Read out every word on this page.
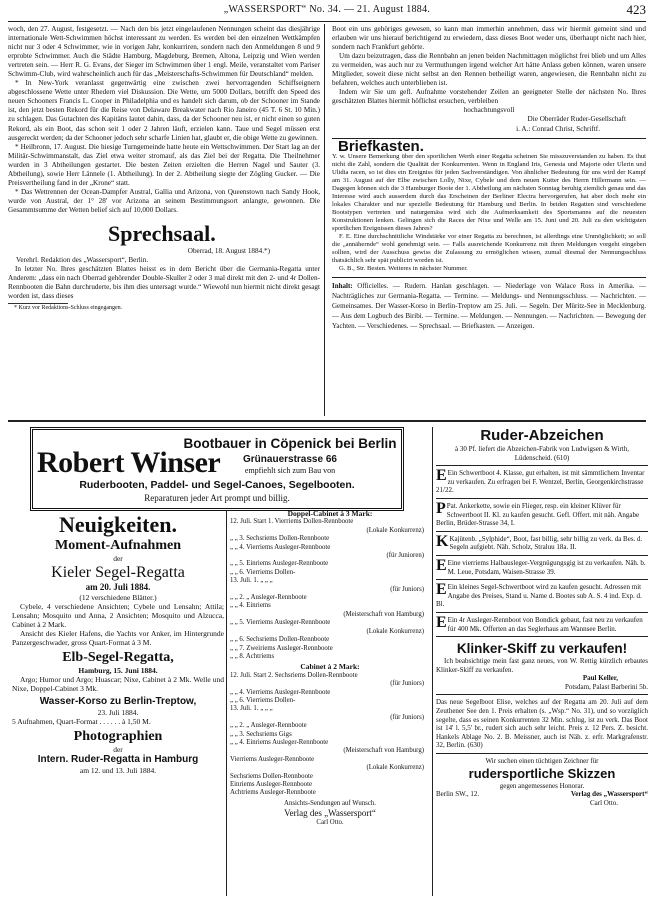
„WASSERSPORT“ No. 34. — 21. August 1884.	423

woch, den 27. August, festgesetzt. — Nach den bis jetzt eingelaufenen Nennungen scheint das diesjährige internationale Wett-Schwimmen höchst interessant zu werden. Es werden bei den einzelnen Wettkämpfen nicht nur 3 oder 4 Schwimmer, wie in vorigen Jahr, konkurriren, sondern nach den Anmeldungen 8 und 9 erprobte Schwimmer. Auch die Städte Hamburg, Magdeburg, Bremen, Altona, Leipzig und Wien werden vertreten sein. — Herr R. G. Evans, der Sieger im Schwimmen über 1 engl. Meile, veranstaltet vom Pariser Schwimm-Club, wird wahrscheinlich auch für das „Meisterschafts-Schwimmen für Deutschland“ melden.

* In New-York veranlasst gegenwärtig eine zwischen zwei hervorragenden Schiffseignern abgeschlossene Wette unter Rhedern viel Diskussion. Die Wette, um 5000 Dollars, betrifft den Speed des neuen Schooners Francis L. Cooper in Philadelphia und es handelt sich darum, ob der Schooner im Stande ist, den jetzt besten Rekord für die Reise von Delaware Breakwater nach Rio Janeiro (45 T. 6 St. 10 Min.) zu schlagen. Das Gutachten des Kapitäns lautet dahin, dass, da der Schooner neu ist, er nicht einen so guten Rekord, als ein Boot, das schon seit 1 oder 2 Jahren läuft, erzielen kann. Taue und Segel müssen erst ausgereckt werden; da der Schooner jedoch sehr scharfe Linien hat, glaubt er, die obige Wette zu gewinnen.

* Heilbronn, 17. August. Die hiesige Turngemeinde hatte heute ein Wettschwimmen. Der Start lag an der Militär-Schwimmanstalt, das Ziel etwa weiter stromauf, als das Ziel bei der Regatta. Die Theilnehmer wurden in 3 Abtheilungen gestartet. Die besten Zeiten erzielten die Herren Nagel und Sauter (3. Abtheilung), sowie Herr Lännele (1. Abtheilung). In der 2. Abtheilung siegte der Zögling Gucker. — Die Preisvertheilung fand in der „Krone“ statt.

* Das Wettrennen der Ocean-Dampfer Austral, Gallia und Arizona, von Queenstown nach Sandy Hook, wurde von Austral, der 1° 28' vor Arizona an seinem Bestimmungsort anlangte, gewonnen. Die Gesammtsumme der Wetten belief sich auf 10,000 Dollars.

Sprechsaal.
Oberrad, 18. August 1884.*)
Verehrl. Redaktion des „Wassersport“, Berlin.

In letzter No. Ihres geschätzten Blattes heisst es in dem Bericht über die Germania-Regatta unter Anderem: „dass ein nach Oberrad gehörender Double-Skuller 2 oder 3 mal direkt mit den 2- und 4r Dollen-Rennbooten die Bahn durchruderte, bis ihm dies untersagt wurde.“ Wiewohl nun hiermit nicht direkt gesagt worden ist, dass dieses

* Kurz vor Redaktions-Schluss eingegangen.

Boot ein uns gehöriges gewesen, so kann man immerhin annehmen, dass wir hiermit gemeint sind und erlauben wir uns hierauf berichtigend zu erwiedern, dass dieses Boot weder uns, überhaupt nicht nach hier, sondern nach Frankfurt gehörte.

Um dazu beizutragen, dass die Rennbahn an jenen beiden Nachmittagen möglichst frei blieb und um Alles zu vermeiden, was auch nur zu Vermuthungen irgend welcher Art hätte Anlass geben können, waren unsere Mitglieder, soweit diese nicht selbst an den Rennen betheiligt waren, angewiesen, die Rennbahn nicht zu befahren, welches auch unterblieben ist.

Indem wir Sie um gefl. Aufnahme vorstehender Zeilen an geeigneter Stelle der nächsten No. Ihres geschätzten Blattes hiermit höflichst ersuchen, verbleiben

hochachtungsvoll
Die Oberräder Ruder-Gesellschaft
i. A.: Conrad Christ, Schriftf.
Briefkasten.
Y. w. Unsere Bemerkung über den sportlichen Werth einer Regatta scheinen Sie misszuverstanden zu haben. Es thut nicht die Zahl, sondern die Qualität der Konkurrenten. Wenn in England Iris, Genesta und Majorie oder Ulerin und Ulidia racen, so ist dies ein Ereigniss für jeden Sachverständigen. Von ähnlicher Bedeutung für uns wird der Kampf am 31. August auf der Elbe zwischen Lolly, Nixe, Cybele und dem neuen Kutter des Herrn Hillermann sein. — Dagegen können sich die 3 Hamburger Boote der 1. Abtheilung am nächsten Sonntag beruhig ziemlich genau und das Interesse wird auch ausserdem durch das Erscheinen der Berliner Electra hervorgerufen, hat aber doch mehr ein lokales Charakter und nur spezielle Bedeutung für Hamburg und Berlin. In beiden Regatten sind verschiedene Bootstypen vertreten und naturgemäss wird sich die Aufmerksamkeit des Sportsmanns auf die neuesten Konstruktionen lenken. Gelingen sich die Races der Nixe und Welle am 15. Juni und 20. Juli zu den wichtigsten sportlichen Ereignissen dieses Jahres?
F. E. Eine durchschnittliche Windstärke vor einer Regatta zu berechnen, ist allerdings eine Unmöglichkeit; so soll die „annähernde“ wohl genehmigt sein. — Falls ausreichende Konkurrenz mit ihren Meldungen vorgeht eingeben sollten, wird der Ausschuss gewiss die Zulassung zu ermöglichen wissen, zumal diesmal der Nennungsschluss thatsächlich sehr spät publicirt worden ist.
G. B., Str. Besten. Weiteres in nächster Nummer.
Inhalt: Officielles. — Rudern. Hanlan geschlagen. — Niederlage von Walace Ross in Amerika. — Nachträgliches zur Germania-Regatta. — Termine. — Meldungs- und Nennungsschluss. — Nachrichten. — Gemeinsames. Der Wasser-Korso in Berlin-Treptow am 25. Juli. — Segeln. Der Müritz-See in Mecklenburg. — Aus dem Logbuch des Biribi. — Termine. — Meldungen. — Nennungen. — Nachrichten. — Bewegung der Yachten. — Verschiedenes. — Sprechsaal. — Briefkasten. — Anzeigen.
Robert Winser
Bootbauer in Cöpenick bei Berlin
Grünauerstrasse 66
empfiehlt sich zum Bau von
Ruderbooten, Paddel- und Segel-Canoes, Segelbooten.
Reparaturen jeder Art prompt und billig.
Neuigkeiten.
Moment-Aufnahmen
der
Kieler Segel-Regatta
am 20. Juli 1884.
(12 verschiedene Blätter.)
Cybele, 4 verschiedene Ansichten; Cybele und Lensahn; Attila; Lensahn; Mosquito und Anna, 2 Ansichten; Mosquito und Alzucca, Cabinet à 2 Mark.
Ansicht des Kieler Hafens, die Yachts vor Anker, im Hintergrunde Panzergeschwader, gross Quart-Format à 3 M.
Elb-Segel-Regatta,
Hamburg, 15. Juni 1884.
Argo; Humor und Argo; Huascar; Nixe, Cabinet à 2 Mk. Welle und Nixe, Doppel-Cabinet 3 Mk.
Wasser-Korso zu Berlin-Treptow,
23. Juli 1884.
5 Aufnahmen, Quart-Format . . . . . . à 1,50 M.
Photographien
der
Intern. Ruder-Regatta in Hamburg
am 12. und 13. Juli 1884.
Doppel-Cabinet à 3 Mark:
12. Juli. Start 1. Vierriems Dollen-Rennboote
(Lokale Konkurrenz)
„ „ 3. Sechsriems Dollen-Rennboote
„ „ 4. Vierriems Ausleger-Rennboote
(für Junioren)
„ „ 5. Einriems Ausleger-Rennboote
„ „ 6. Vierriems Dollen-
13. Juli. 1. „ „ „
(für Juniors)
„ „ 2. „ Ausleger-Rennboote
„ „ 4. Einriems
(Meisterschaft von Hamburg)
„ „ 5. Vierriems Ausleger-Rennboote
(Lokale Konkurrenz)
„ „ 6. Sechsriems Dollen-Rennboote
„ „ 7. Zweiriems Ausleger-Rennboote
„ „ 8. Achtriems
Cabinet à 2 Mark:
12. Juli. Start 2. Sechsriems Dollen-Rennboote
(für Juniors)
„ „ 4. Vierriems Ausleger-Rennboote
„ „ 6. Vierriems Dollen-
13. Juli. 1. „ „ „
(für Juniors)
„ „ 2. „ Ausleger-Rennboote
„ „ 3. Sechsriems Gigs
„ „ 4. Einriems Ausleger-Rennboote
(Meisterschaft von Hamburg)
Vierriems Ausleger-Rennboote
(Lokale Konkurrenz)
Sechsriems Dollen-Rennboote
Einriems Ausleger-Rennboote
Achtriems Ausleger-Rennboote
Ansichts-Sendungen auf Wunsch.
Verlag des „Wassersport“
Carl Otto.
Ruder-Abzeichen
à 30 Pf. liefert die Abzeichen-Fabrik von Ludwigsen & Wirth, Lüdenscheid. (610)
E Ein Schwertboot 4. Klasse, gut erhalten, ist mit sämmtlichem Inventar zu verkaufen. Zu erfragen bei F. Wentzel, Berlin, Georgenkirchstrasse 21/22.
P Pat. Ankerkette, sowie ein Flieger, resp. ein kleiner Klüver für Schwertboot II. Kl. zu kaufen gesucht. Gefl. Offert. mit näh. Angabe Berlin, Brüder-Strasse 34, I.
K Kajütenb. „Sylphide“, Boot, fast billig, sehr billig zu verk. da Bes. d. Segeln aufgiebt. Näh. Scholz, Straluu 18a. II.
E Eine vierriems Halbausleger-Vergnügungsgig ist zu verkaufen. Näh. b. M. Leue, Potsdam, Waisen-Strasse 39.
E Ein kleines Segel-Schwertboot wird zu kaufen gesucht. Adressen mit Angabe des Preises, Stand u. Name d. Bootes sub A. S. 4 ind. Exp. d. Bl.
E Ein 4r Ausleger-Rennboot von Bondick gebaut, fast neu zu verkaufen für 400 Mk. Offerten an das Seglerhaus am Wannsee Berlin.
Klinker-Skiff zu verkaufen!
Ich beabsichtige mein fast ganz neues, von W. Rettig kürzlich erbautes Klinker-Skiff zu verkaufen.
Paul Keller,
Potsdam, Palast Barberini 5b.
Das neue Segelboot Elise, welches auf der Regatta am 20. Juli auf dem Zeuthener See den 1. Preis erhalten (s. „Wsp.“ No. 31), und so vorzüglich segelte, dass es seinen Konkurrenten 32 Min. schlug, ist zu verk. Das Boot ist 14' l. 5,5' br., rudert sich auch sehr leicht. Preis z. 12 Pers. Z. besicht. Hankels Ablage No. 2. B. Meissner, auch ist Näh. z. erfr. Markgrafenstr. 32, Berlin. (630)
Wir suchen einen tüchtigen Zeichner für
rudersportliche Skizzen
gegen angemessenes Honorar.
Berlin SW., 12.	Verlag des „Wassersport“
Carl Otto.
